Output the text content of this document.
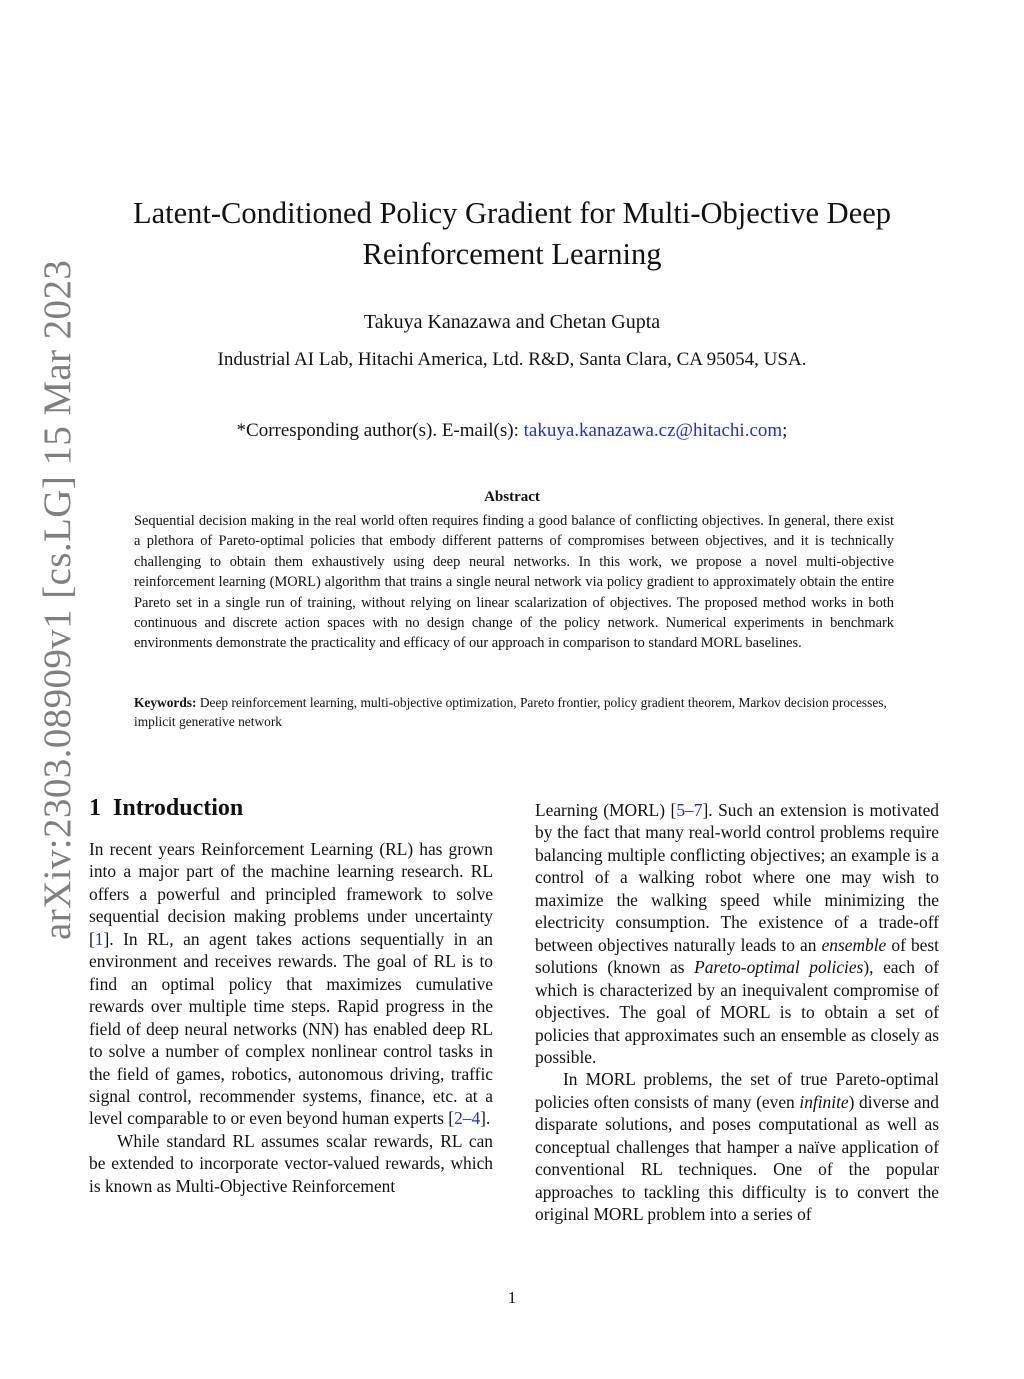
arXiv:2303.08909v1 [cs.LG] 15 Mar 2023
Latent-Conditioned Policy Gradient for Multi-Objective Deep Reinforcement Learning
Takuya Kanazawa and Chetan Gupta
Industrial AI Lab, Hitachi America, Ltd. R&D, Santa Clara, CA 95054, USA.
*Corresponding author(s). E-mail(s): takuya.kanazawa.cz@hitachi.com;
Abstract
Sequential decision making in the real world often requires finding a good balance of conflicting objectives. In general, there exist a plethora of Pareto-optimal policies that embody different patterns of compromises between objectives, and it is technically challenging to obtain them exhaustively using deep neural networks. In this work, we propose a novel multi-objective reinforcement learning (MORL) algorithm that trains a single neural network via policy gradient to approximately obtain the entire Pareto set in a single run of training, without relying on linear scalarization of objectives. The proposed method works in both continuous and discrete action spaces with no design change of the policy network. Numerical experiments in benchmark environments demonstrate the practicality and efficacy of our approach in comparison to standard MORL baselines.
Keywords: Deep reinforcement learning, multi-objective optimization, Pareto frontier, policy gradient theorem, Markov decision processes, implicit generative network
1 Introduction

In recent years Reinforcement Learning (RL) has grown into a major part of the machine learning research. RL offers a powerful and principled framework to solve sequential decision making problems under uncertainty [1]. In RL, an agent takes actions sequentially in an environment and receives rewards. The goal of RL is to find an optimal policy that maximizes cumulative rewards over multiple time steps. Rapid progress in the field of deep neural networks (NN) has enabled deep RL to solve a number of complex nonlinear control tasks in the field of games, robotics, autonomous driving, traffic signal control, recommender systems, finance, etc. at a level comparable to or even beyond human experts [2–4].

While standard RL assumes scalar rewards, RL can be extended to incorporate vector-valued rewards, which is known as Multi-Objective Reinforcement

Learning (MORL) [5–7]. Such an extension is motivated by the fact that many real-world control problems require balancing multiple conflicting objectives; an example is a control of a walking robot where one may wish to maximize the walking speed while minimizing the electricity consumption. The existence of a trade-off between objectives naturally leads to an ensemble of best solutions (known as Pareto-optimal policies), each of which is characterized by an inequivalent compromise of objectives. The goal of MORL is to obtain a set of policies that approximates such an ensemble as closely as possible.

In MORL problems, the set of true Pareto-optimal policies often consists of many (even infinite) diverse and disparate solutions, and poses computational as well as conceptual challenges that hamper a naïve application of conventional RL techniques. One of the popular approaches to tackling this difficulty is to convert the original MORL problem into a series of

1
